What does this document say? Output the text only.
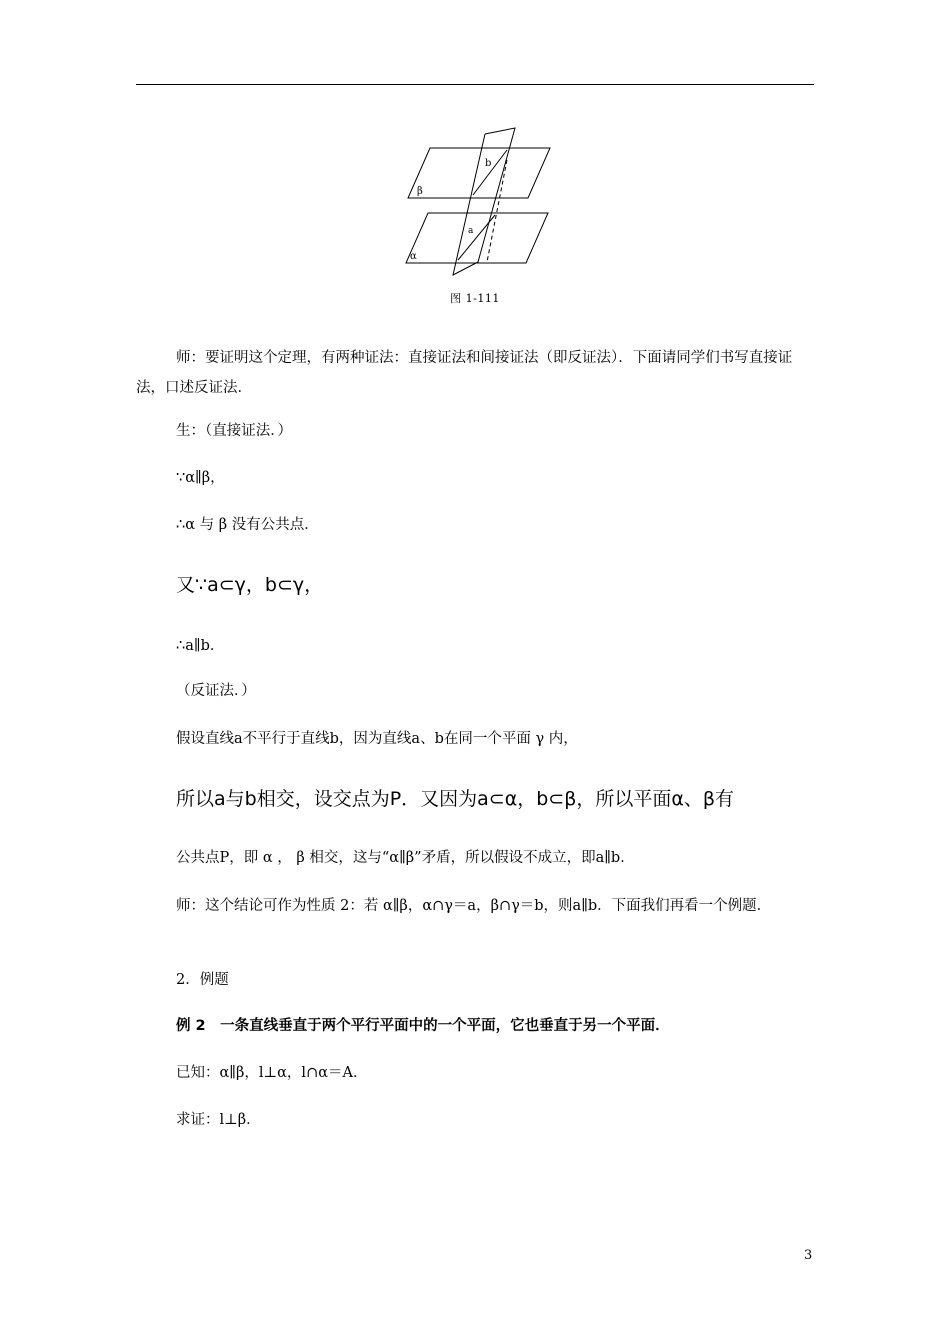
β
α
b
a
图 1-111
师：要证明这个定理，有两种证法：直接证法和间接证法（即反证法）．下面请同学们书写直接证法，口述反证法．
生：（直接证法．）
∵α∥β，
∴α 与 β 没有公共点．
又∵a⊂γ，b⊂γ，
∴a∥b．
（反证法．）
假设直线a不平行于直线b，因为直线a、b在同一个平面 γ 内，
所以a与b相交，设交点为P．又因为a⊂α，b⊂β，所以平面α、β有
公共点P，即 α ， β 相交，这与“α∥β”矛盾，所以假设不成立，即a∥b．
师：这个结论可作为性质 2：若 α∥β，α∩γ＝a，β∩γ＝b，则a∥b．下面我们再看一个例题．
2．例题
例 2　一条直线垂直于两个平行平面中的一个平面，它也垂直于另一个平面．
已知：α∥β，l⊥α，l∩α＝A．
求证：l⊥β．
3
